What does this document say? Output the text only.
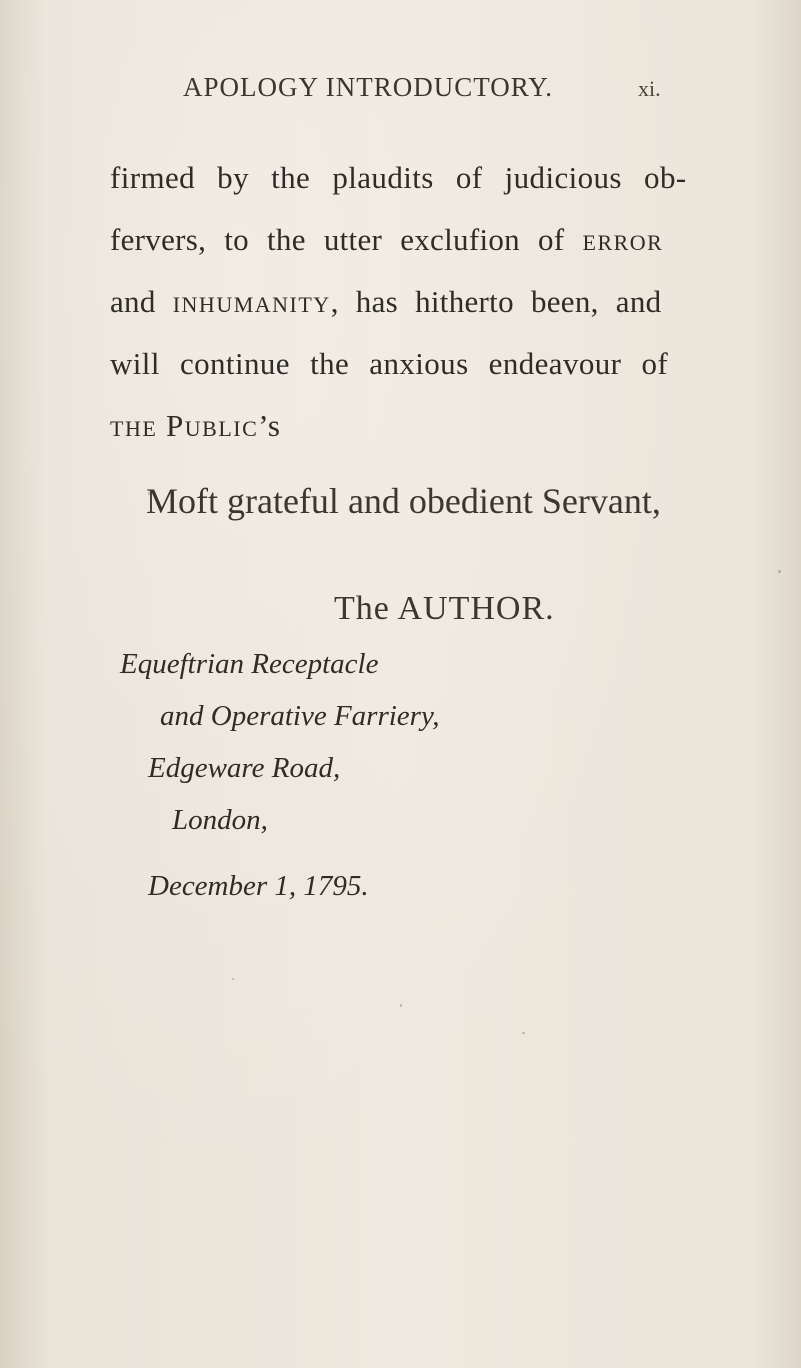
APOLOGY INTRODUCTORY.	xi.
firmed by the plaudits of judicious ob-
fervers, to the utter exclufion of error
and inhumanity, has hitherto been, and
will continue the anxious endeavour of
the Public’s
Moft grateful and obedient Servant,
The AUTHOR.
Equeftrian Receptacle
and Operative Farriery,
Edgeware Road,
London,
December 1, 1795.
